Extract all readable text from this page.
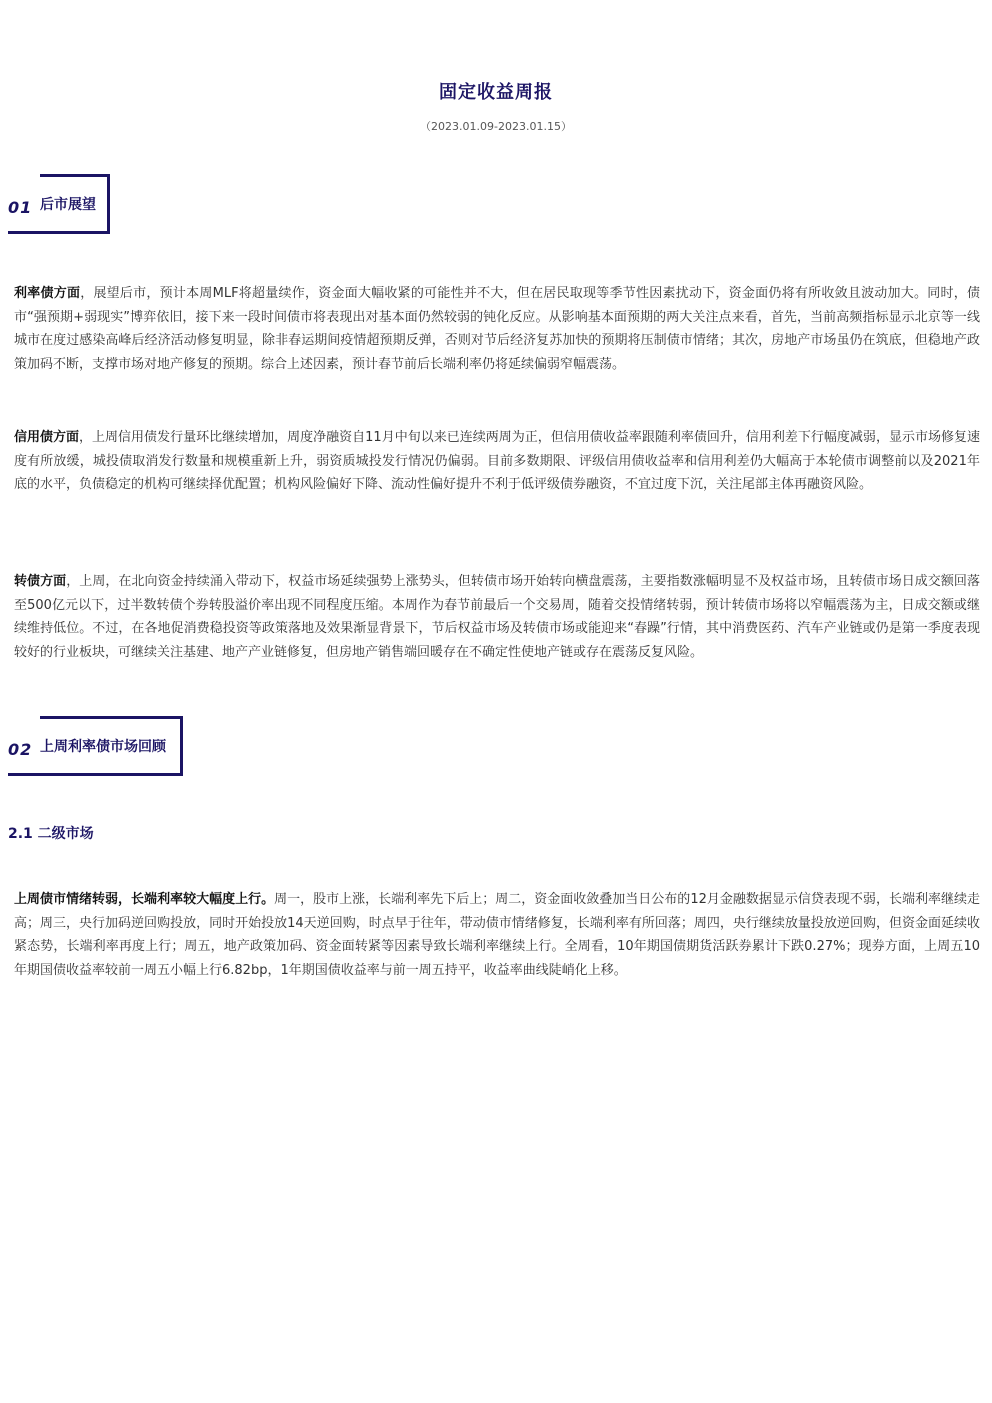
固定收益周报
（2023.01.09-2023.01.15）
01 后市展望

利率债方面，展望后市，预计本周MLF将超量续作，资金面大幅收紧的可能性并不大，但在居民取现等季节性因素扰动下，资金面仍将有所收敛且波动加大。同时，债市“强预期+弱现实”博弈依旧，接下来一段时间债市将表现出对基本面仍然较弱的钝化反应。从影响基本面预期的两大关注点来看，首先，当前高频指标显示北京等一线城市在度过感染高峰后经济活动修复明显，除非春运期间疫情超预期反弹，否则对节后经济复苏加快的预期将压制债市情绪；其次，房地产市场虽仍在筑底，但稳地产政策加码不断，支撑市场对地产修复的预期。综合上述因素，预计春节前后长端利率仍将延续偏弱窄幅震荡。

信用债方面，上周信用债发行量环比继续增加，周度净融资自11月中旬以来已连续两周为正，但信用债收益率跟随利率债回升，信用利差下行幅度减弱，显示市场修复速度有所放缓，城投债取消发行数量和规模重新上升，弱资质城投发行情况仍偏弱。目前多数期限、评级信用债收益率和信用利差仍大幅高于本轮债市调整前以及2021年底的水平，负债稳定的机构可继续择优配置；机构风险偏好下降、流动性偏好提升不利于低评级债券融资，不宜过度下沉，关注尾部主体再融资风险。

转债方面，上周，在北向资金持续涌入带动下，权益市场延续强势上涨势头，但转债市场开始转向横盘震荡，主要指数涨幅明显不及权益市场，且转债市场日成交额回落至500亿元以下，过半数转债个券转股溢价率出现不同程度压缩。本周作为春节前最后一个交易周，随着交投情绪转弱，预计转债市场将以窄幅震荡为主，日成交额或继续维持低位。不过，在各地促消费稳投资等政策落地及效果渐显背景下，节后权益市场及转债市场或能迎来“春躁”行情，其中消费医药、汽车产业链或仍是第一季度表现较好的行业板块，可继续关注基建、地产产业链修复，但房地产销售端回暖存在不确定性使地产链或存在震荡反复风险。

02 上周利率债市场回顾
2.1 二级市场

上周债市情绪转弱，长端利率较大幅度上行。周一，股市上涨，长端利率先下后上；周二，资金面收敛叠加当日公布的12月金融数据显示信贷表现不弱，长端利率继续走高；周三，央行加码逆回购投放，同时开始投放14天逆回购，时点早于往年，带动债市情绪修复，长端利率有所回落；周四，央行继续放量投放逆回购，但资金面延续收紧态势，长端利率再度上行；周五，地产政策加码、资金面转紧等因素导致长端利率继续上行。全周看，10年期国债期货活跃券累计下跌0.27%；现券方面，上周五10年期国债收益率较前一周五小幅上行6.82bp，1年期国债收益率与前一周五持平，收益率曲线陡峭化上移。
